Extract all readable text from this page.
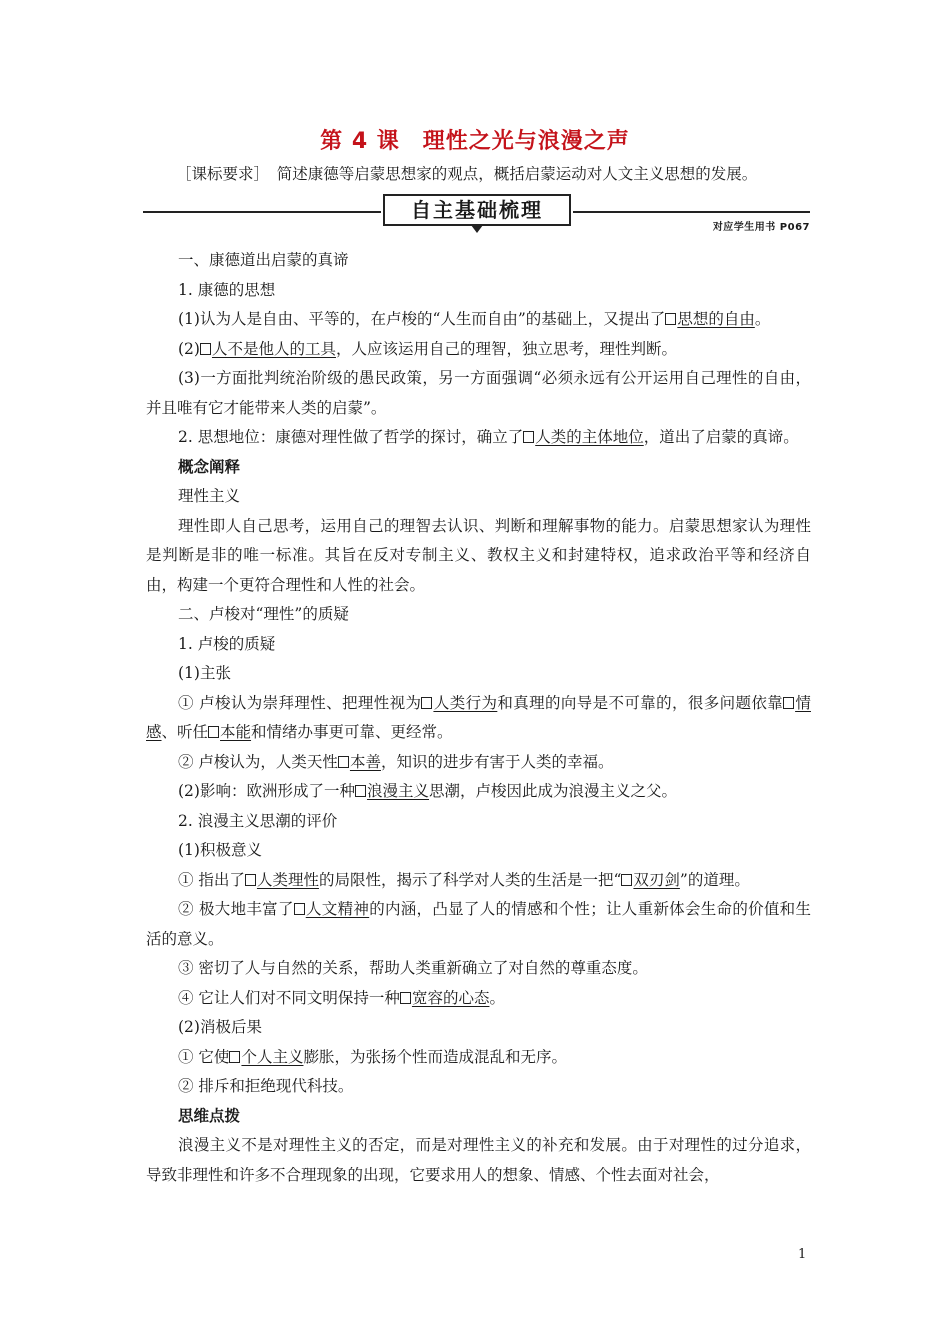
第 4 课　理性之光与浪漫之声
［课标要求］　简述康德等启蒙思想家的观点，概括启蒙运动对人文主义思想的发展。
自主基础梳理
对应学生用书 P067

一、康德道出启蒙的真谛

1. 康德的思想

(1)认为人是自由、平等的，在卢梭的“人生而自由”的基础上，又提出了 思想的自由。

(2) 人不是他人的工具，人应该运用自己的理智，独立思考，理性判断。

(3)一方面批判统治阶级的愚民政策，另一方面强调“必须永远有公开运用自己理性的自由，并且唯有它才能带来人类的启蒙”。

2. 思想地位：康德对理性做了哲学的探讨，确立了 人类的主体地位，道出了启蒙的真谛。

概念阐释

理性主义

理性即人自己思考，运用自己的理智去认识、判断和理解事物的能力。启蒙思想家认为理性是判断是非的唯一标准。其旨在反对专制主义、教权主义和封建特权，追求政治平等和经济自由，构建一个更符合理性和人性的社会。

二、卢梭对“理性”的质疑

1. 卢梭的质疑

(1)主张

① 卢梭认为崇拜理性、把理性视为 人类行为和真理的向导是不可靠的，很多问题依靠 情感、听任 本能和情绪办事更可靠、更经常。

② 卢梭认为，人类天性 本善，知识的进步有害于人类的幸福。

(2)影响：欧洲形成了一种 浪漫主义思潮，卢梭因此成为浪漫主义之父。

2. 浪漫主义思潮的评价

(1)积极意义

① 指出了 人类理性的局限性，揭示了科学对人类的生活是一把“ 双刃剑”的道理。

② 极大地丰富了 人文精神的内涵，凸显了人的情感和个性；让人重新体会生命的价值和生活的意义。

③ 密切了人与自然的关系，帮助人类重新确立了对自然的尊重态度。

④ 它让人们对不同文明保持一种 宽容的心态。

(2)消极后果

① 它使 个人主义膨胀，为张扬个性而造成混乱和无序。

② 排斥和拒绝现代科技。

思维点拨

浪漫主义不是对理性主义的否定，而是对理性主义的补充和发展。由于对理性的过分追求，导致非理性和许多不合理现象的出现，它要求用人的想象、情感、个性去面对社会，

1
